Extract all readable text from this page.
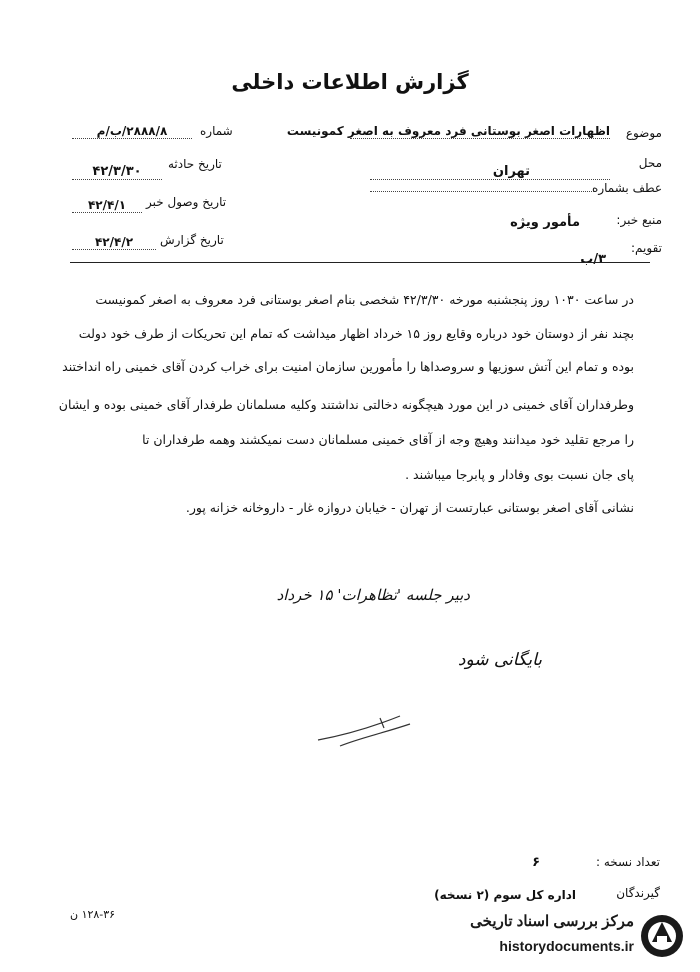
گزارش اطلاعات داخلی
موضوع
اظهارات اصغر بوستانی فرد معروف به اصغر کمونیست
محل
تهران
عطف بشماره
منبع خبر:
مأمور ویژه
تقویم:
۳/ب
شماره
۲۸۸۸/۸/ب/م
تاریخ حادثه
۴۲/۳/۳۰
تاریخ وصول خبر
۴۲/۴/۱
تاریخ گزارش
۴۲/۴/۲
در ساعت ۱۰۳۰ روز پنجشنبه مورخه ۴۲/۳/۳۰ شخصی بنام اصغر بوستانی فرد معروف به اصغر کمونیست
بچند نفر از دوستان خود درباره وقایع روز ۱۵ خرداد اظهار میداشت که تمام این تحریکات از طرف خود دولت
بوده و تمام این آتش سوزیها و سروصداها را مأمورین سازمان امنیت برای خراب کردن آقای خمینی راه انداختند
وطرفداران آقای خمینی در این مورد هیچگونه دخالتی نداشتند وکلیه مسلمانان طرفدار آقای خمینی بوده و ایشان
را مرجع تقلید خود میدانند وهیچ وجه از آقای خمینی مسلمانان دست نمیکشند وهمه طرفداران تا
پای جان نسبت بوی وفادار و پابرجا میباشند .
نشانی آقای اصغر بوستانی عبارتست از تهران - خیابان دروازه غار - داروخانه خزانه پور.
دبیر جلسه 'تظاهرات' ۱۵ خرداد
بایگانی شود
تعداد نسخه :
۶
گیرندگان
اداره کل سوم (۲ نسخه)
۱۲۸-۳۶ ن	مرکز بررسی اسناد تاریخی
historydocuments.ir
